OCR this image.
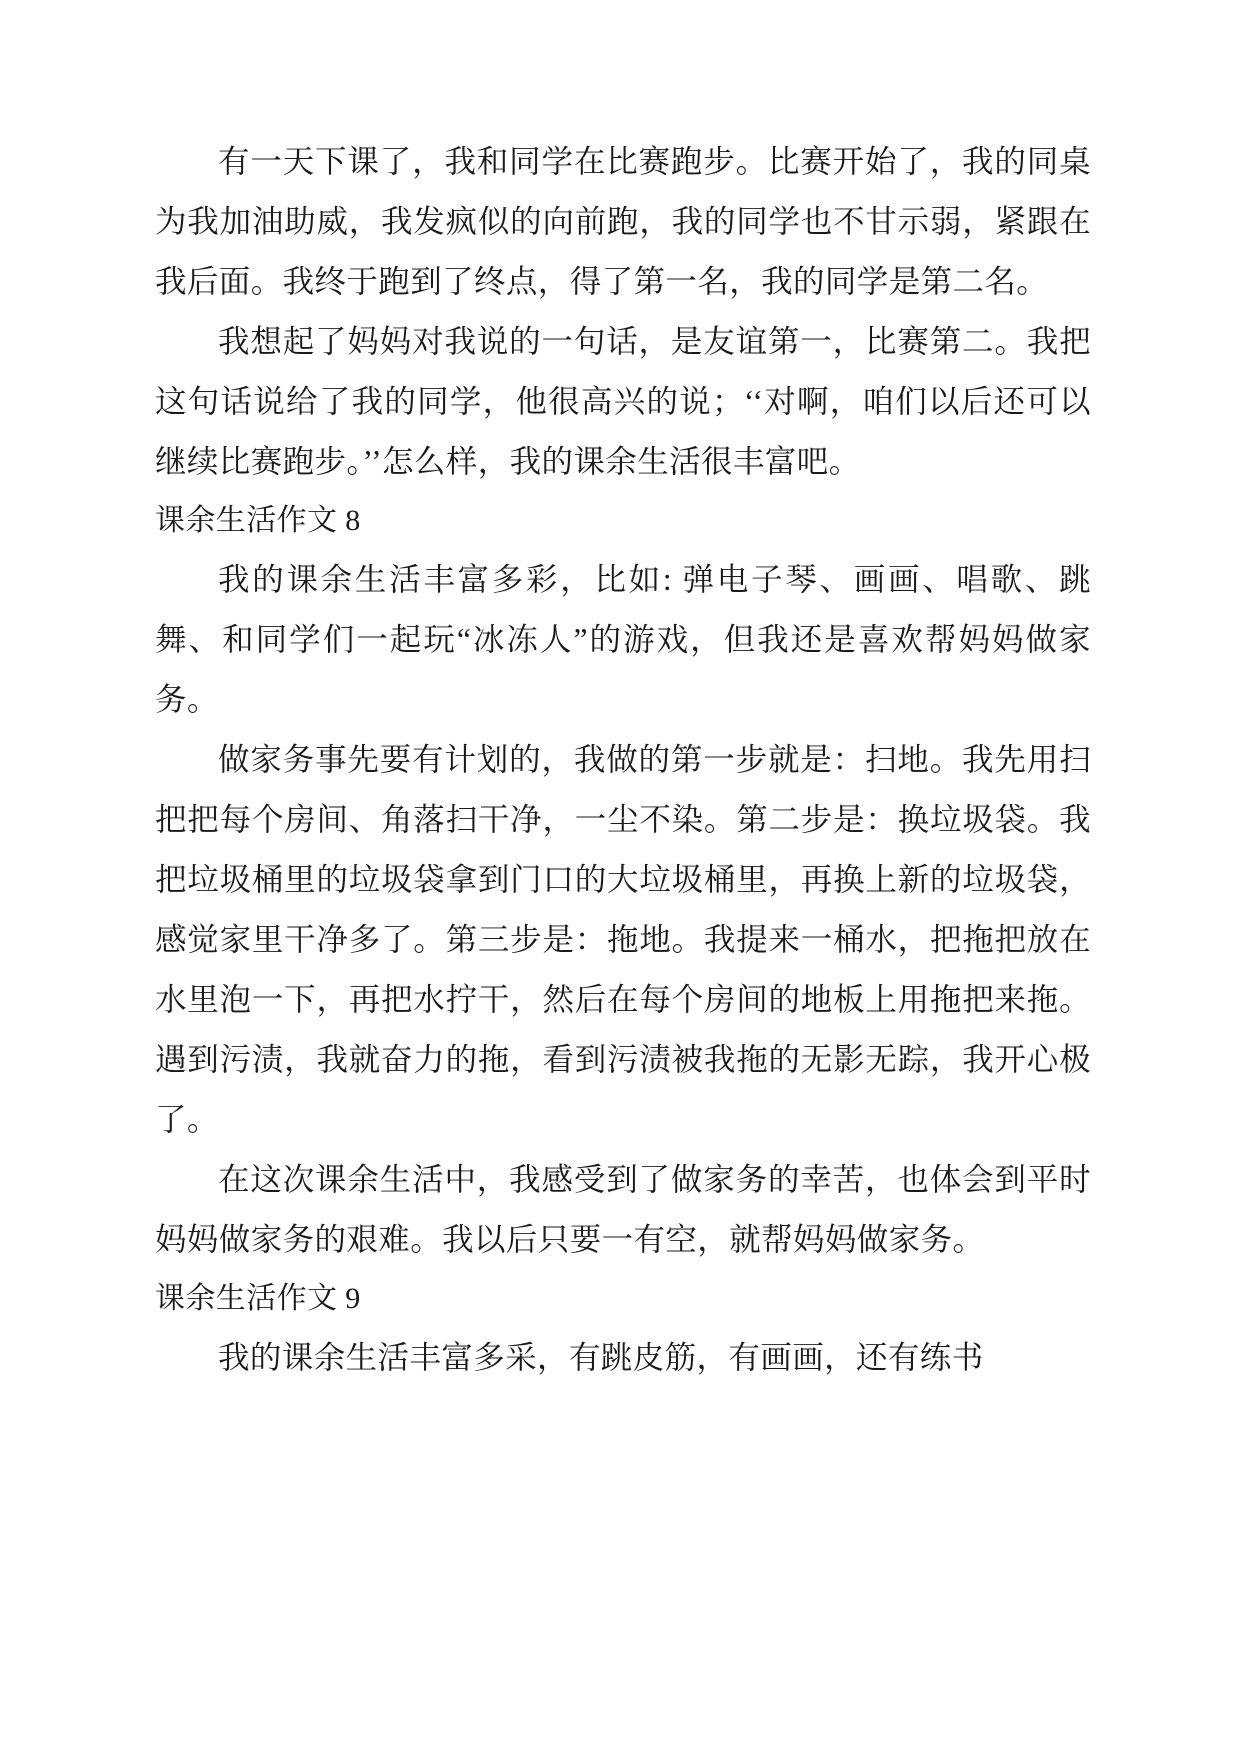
有一天下课了，我和同学在比赛跑步。比赛开始了，我的同桌为我加油助威，我发疯似的向前跑，我的同学也不甘示弱，紧跟在我后面。我终于跑到了终点，得了第一名，我的同学是第二名。

我想起了妈妈对我说的一句话，是友谊第一，比赛第二。我把这句话说给了我的同学，他很高兴的说；‘‘对啊，咱们以后还可以继续比赛跑步。’’怎么样，我的课余生活很丰富吧。

课余生活作文 8

我的课余生活丰富多彩，比如: 弹电子琴、画画、唱歌、跳舞、和同学们一起玩“冰冻人”的游戏，但我还是喜欢帮妈妈做家务。

做家务事先要有计划的，我做的第一步就是：扫地。我先用扫把把每个房间、角落扫干净，一尘不染。第二步是：换垃圾袋。我把垃圾桶里的垃圾袋拿到门口的大垃圾桶里，再换上新的垃圾袋，感觉家里干净多了。第三步是：拖地。我提来一桶水，把拖把放在水里泡一下，再把水拧干，然后在每个房间的地板上用拖把来拖。遇到污渍，我就奋力的拖，看到污渍被我拖的无影无踪，我开心极了。

在这次课余生活中，我感受到了做家务的幸苦，也体会到平时妈妈做家务的艰难。我以后只要一有空，就帮妈妈做家务。

课余生活作文 9

我的课余生活丰富多采，有跳皮筋，有画画，还有练书
